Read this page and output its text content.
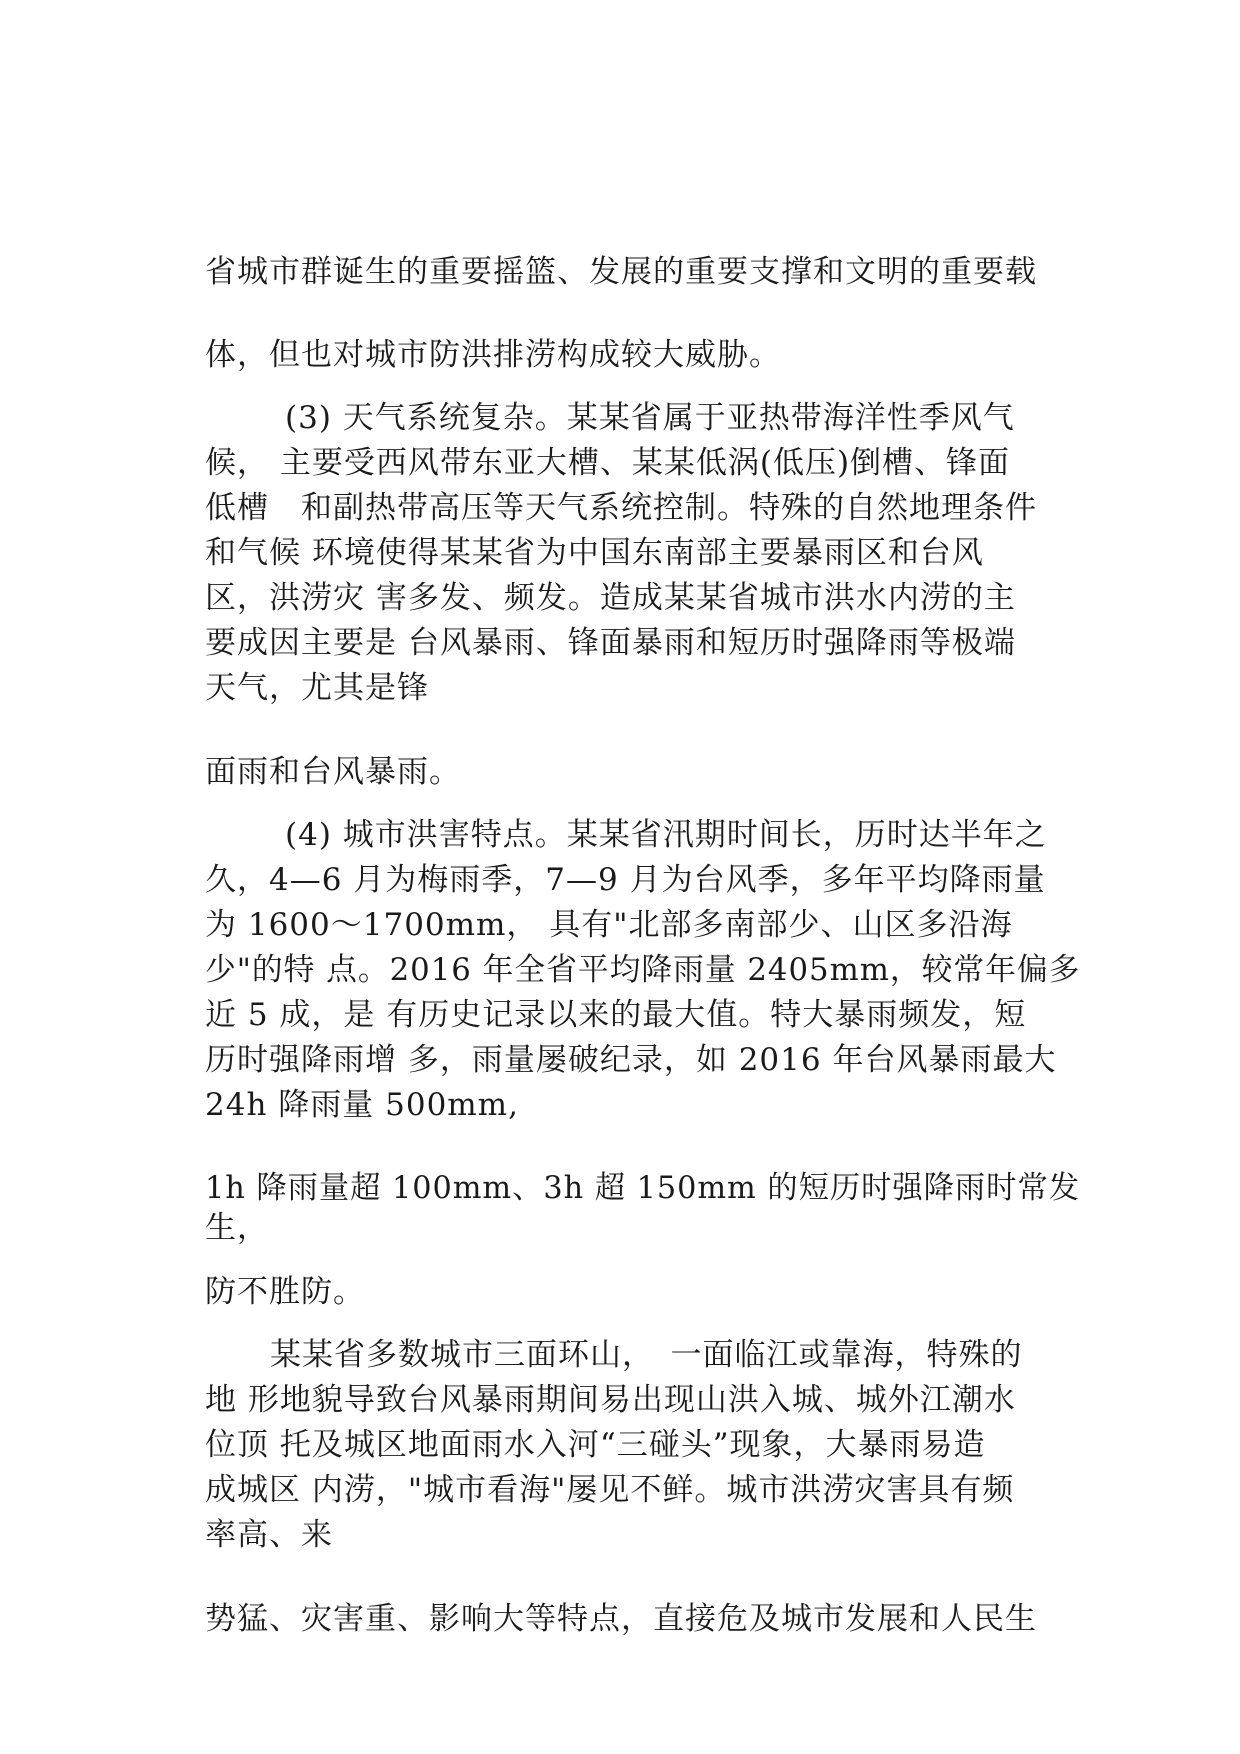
省城市群诞生的重要摇篮、发展的重要支撑和文明的重要载
体，但也对城市防洪排涝构成较大威胁。
(3) 天气系统复杂。某某省属于亚热带海洋性季风气
候， 主要受西风带东亚大槽、某某低涡(低压)倒槽、锋面
低槽　和副热带高压等天气系统控制。特殊的自然地理条件
和气候 环境使得某某省为中国东南部主要暴雨区和台风
区，洪涝灾 害多发、频发。造成某某省城市洪水内涝的主
要成因主要是 台风暴雨、锋面暴雨和短历时强降雨等极端
天气，尤其是锋
面雨和台风暴雨。
(4) 城市洪害特点。某某省汛期时间长，历时达半年之
久，4—6 月为梅雨季，7—9 月为台风季，多年平均降雨量
为 1600～1700mm， 具有"北部多南部少、山区多沿海
少"的特 点。2016 年全省平均降雨量 2405mm，较常年偏多
近 5 成，是 有历史记录以来的最大值。特大暴雨频发，短
历时强降雨增 多，雨量屡破纪录，如 2016 年台风暴雨最大
24h 降雨量 500mm,
1h 降雨量超 100mm、3h 超 150mm 的短历时强降雨时常发
生，
防不胜防。
某某省多数城市三面环山，　一面临江或靠海，特殊的
地 形地貌导致台风暴雨期间易出现山洪入城、城外江潮水
位顶 托及城区地面雨水入河“三碰头”现象，大暴雨易造
成城区 内涝，"城市看海"屡见不鲜。城市洪涝灾害具有频
率高、来
势猛、灾害重、影响大等特点，直接危及城市发展和人民生
